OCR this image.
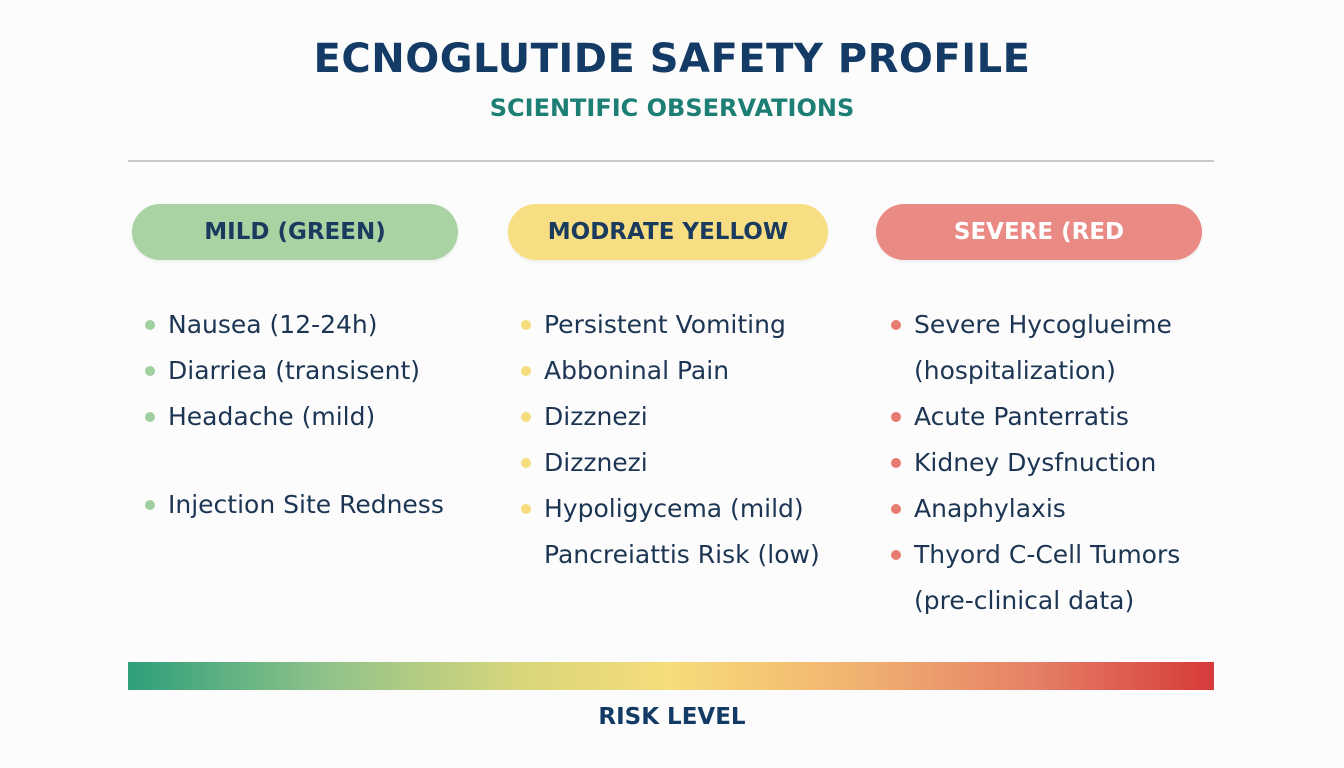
ECNOGLUTIDE SAFETY PROFILE
SCIENTIFIC OBSERVATIONS
MILD (GREEN)	MODRATE YELLOW	SEVERE (RED
Nausea (12-24h)
Diarriea (transisent)
Headache (mild)
Injection Site Redness
Persistent Vomiting
Abboninal Pain
Dizznezi
Dizznezi
Hypoligycema (mild)
Pancreiattis Risk (low)
Severe Hycoglueime
(hospitalization)
Acute Panterratis
Kidney Dysfnuction
Anaphylaxis
Thyord C-Cell Tumors
(pre-clinical data)
RISK LEVEL
